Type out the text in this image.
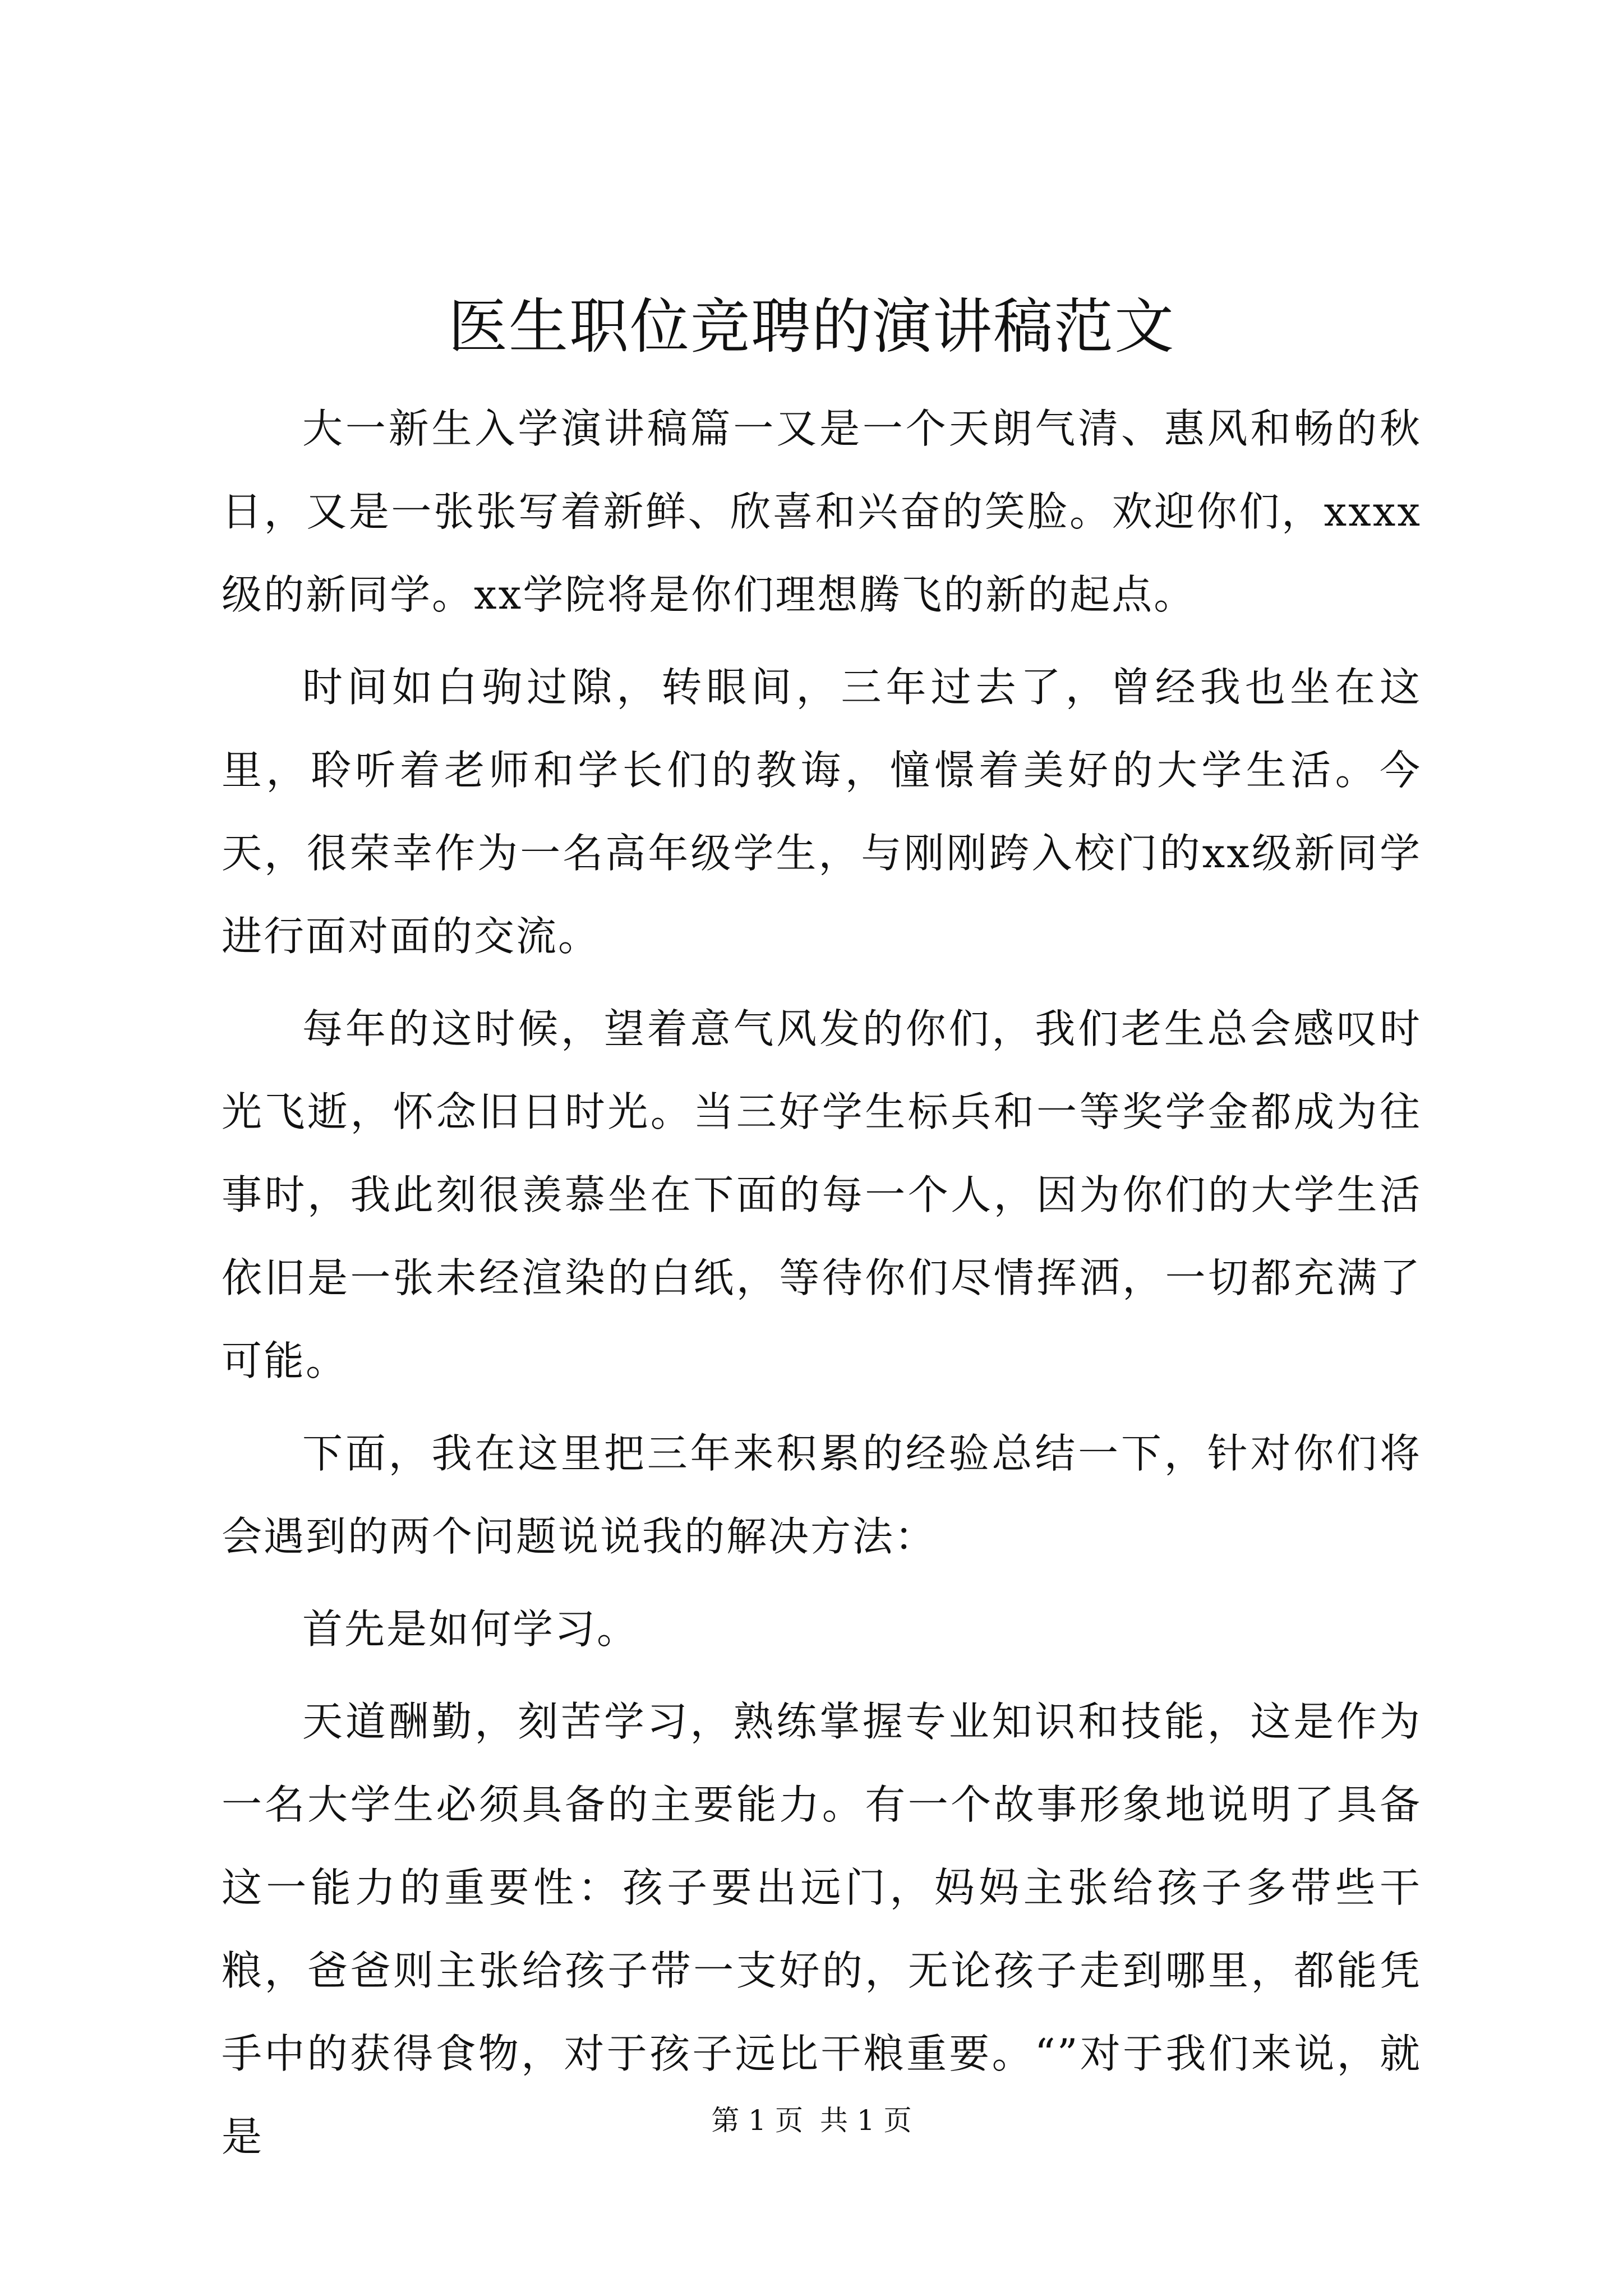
医生职位竞聘的演讲稿范文

大一新生入学演讲稿篇一又是一个天朗气清、惠风和畅的秋日，又是一张张写着新鲜、欣喜和兴奋的笑脸。欢迎你们，xxxx级的新同学。xx学院将是你们理想腾飞的新的起点。

时间如白驹过隙，转眼间，三年过去了，曾经我也坐在这里，聆听着老师和学长们的教诲，憧憬着美好的大学生活。今天，很荣幸作为一名高年级学生，与刚刚跨入校门的xx级新同学进行面对面的交流。

每年的这时候，望着意气风发的你们，我们老生总会感叹时光飞逝，怀念旧日时光。当三好学生标兵和一等奖学金都成为往事时，我此刻很羡慕坐在下面的每一个人，因为你们的大学生活依旧是一张未经渲染的白纸，等待你们尽情挥洒，一切都充满了可能。

下面，我在这里把三年来积累的经验总结一下，针对你们将会遇到的两个问题说说我的解决方法：

首先是如何学习。

天道酬勤，刻苦学习，熟练掌握专业知识和技能，这是作为一名大学生必须具备的主要能力。有一个故事形象地说明了具备这一能力的重要性：孩子要出远门，妈妈主张给孩子多带些干粮，爸爸则主张给孩子带一支好的，无论孩子走到哪里，都能凭手中的获得食物，对于孩子远比干粮重要。“”对于我们来说，就是	第 1 页 共 1 页
